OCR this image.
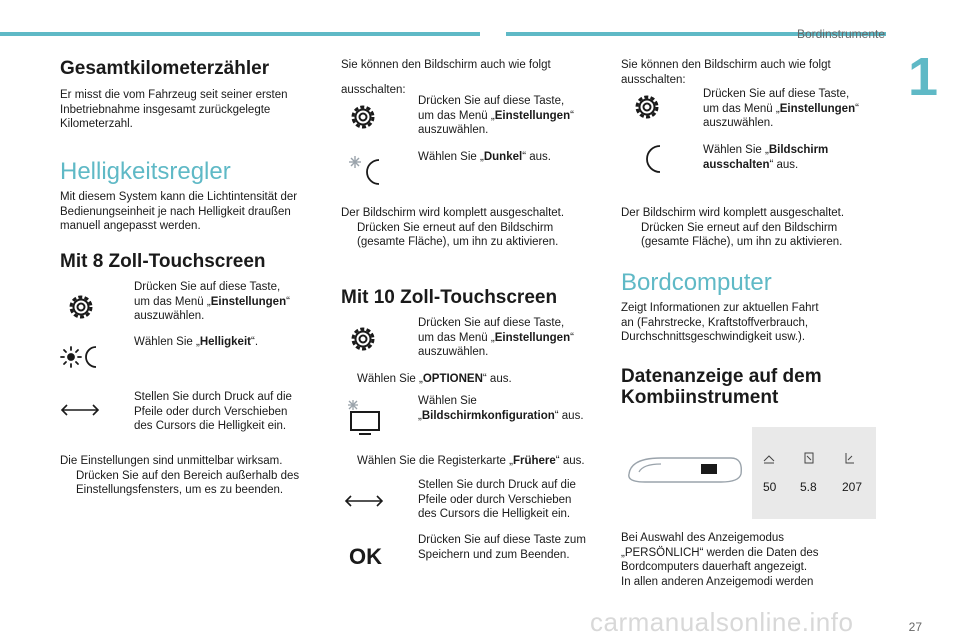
Bordinstrumente
1
Gesamtkilometerzähler
Er misst die vom Fahrzeug seit seiner ersten
Inbetriebnahme insgesamt zurückgelegte
Kilometerzahl.
Helligkeitsregler
Mit diesem System kann die Lichtintensität der
Bedienungseinheit je nach Helligkeit draußen
manuell angepasst werden.
Mit 8 Zoll-Touchscreen
Drücken Sie auf diese Taste,
um das Menü „Einstellungen“
auszuwählen.
Wählen Sie „Helligkeit“.
Stellen Sie durch Druck auf die
Pfeile oder durch Verschieben
des Cursors die Helligkeit ein.
Die Einstellungen sind unmittelbar wirksam.
Drücken Sie auf den Bereich außerhalb des
Einstellungsfensters, um es zu beenden.
Sie können den Bildschirm auch wie folgt
ausschalten:
Drücken Sie auf diese Taste,
um das Menü „Einstellungen“
auszuwählen.
Wählen Sie „Dunkel“ aus.
Der Bildschirm wird komplett ausgeschaltet.
Drücken Sie erneut auf den Bildschirm
(gesamte Fläche), um ihn zu aktivieren.
Mit 10 Zoll-Touchscreen
Drücken Sie auf diese Taste,
um das Menü „Einstellungen“
auszuwählen.
Wählen Sie „OPTIONEN“ aus.
Wählen Sie
„Bildschirmkonfiguration“ aus.
Wählen Sie die Registerkarte „Frühere“ aus.
Stellen Sie durch Druck auf die
Pfeile oder durch Verschieben
des Cursors die Helligkeit ein.
OK
Drücken Sie auf diese Taste zum
Speichern und zum Beenden.
Sie können den Bildschirm auch wie folgt
ausschalten:
Drücken Sie auf diese Taste,
um das Menü „Einstellungen“
auszuwählen.
Wählen Sie „Bildschirm
ausschalten“ aus.
Der Bildschirm wird komplett ausgeschaltet.
Drücken Sie erneut auf den Bildschirm
(gesamte Fläche), um ihn zu aktivieren.
Bordcomputer
Zeigt Informationen zur aktuellen Fahrt
an (Fahrstrecke, Kraftstoffverbrauch,
Durchschnittsgeschwindigkeit usw.).
Datenanzeige auf dem
Kombiinstrument
50 5.8 207
Bei Auswahl des Anzeigemodus
„PERSÖNLICH“ werden die Daten des
Bordcomputers dauerhaft angezeigt.
In allen anderen Anzeigemodi werden
carmanualsonline.info	27
